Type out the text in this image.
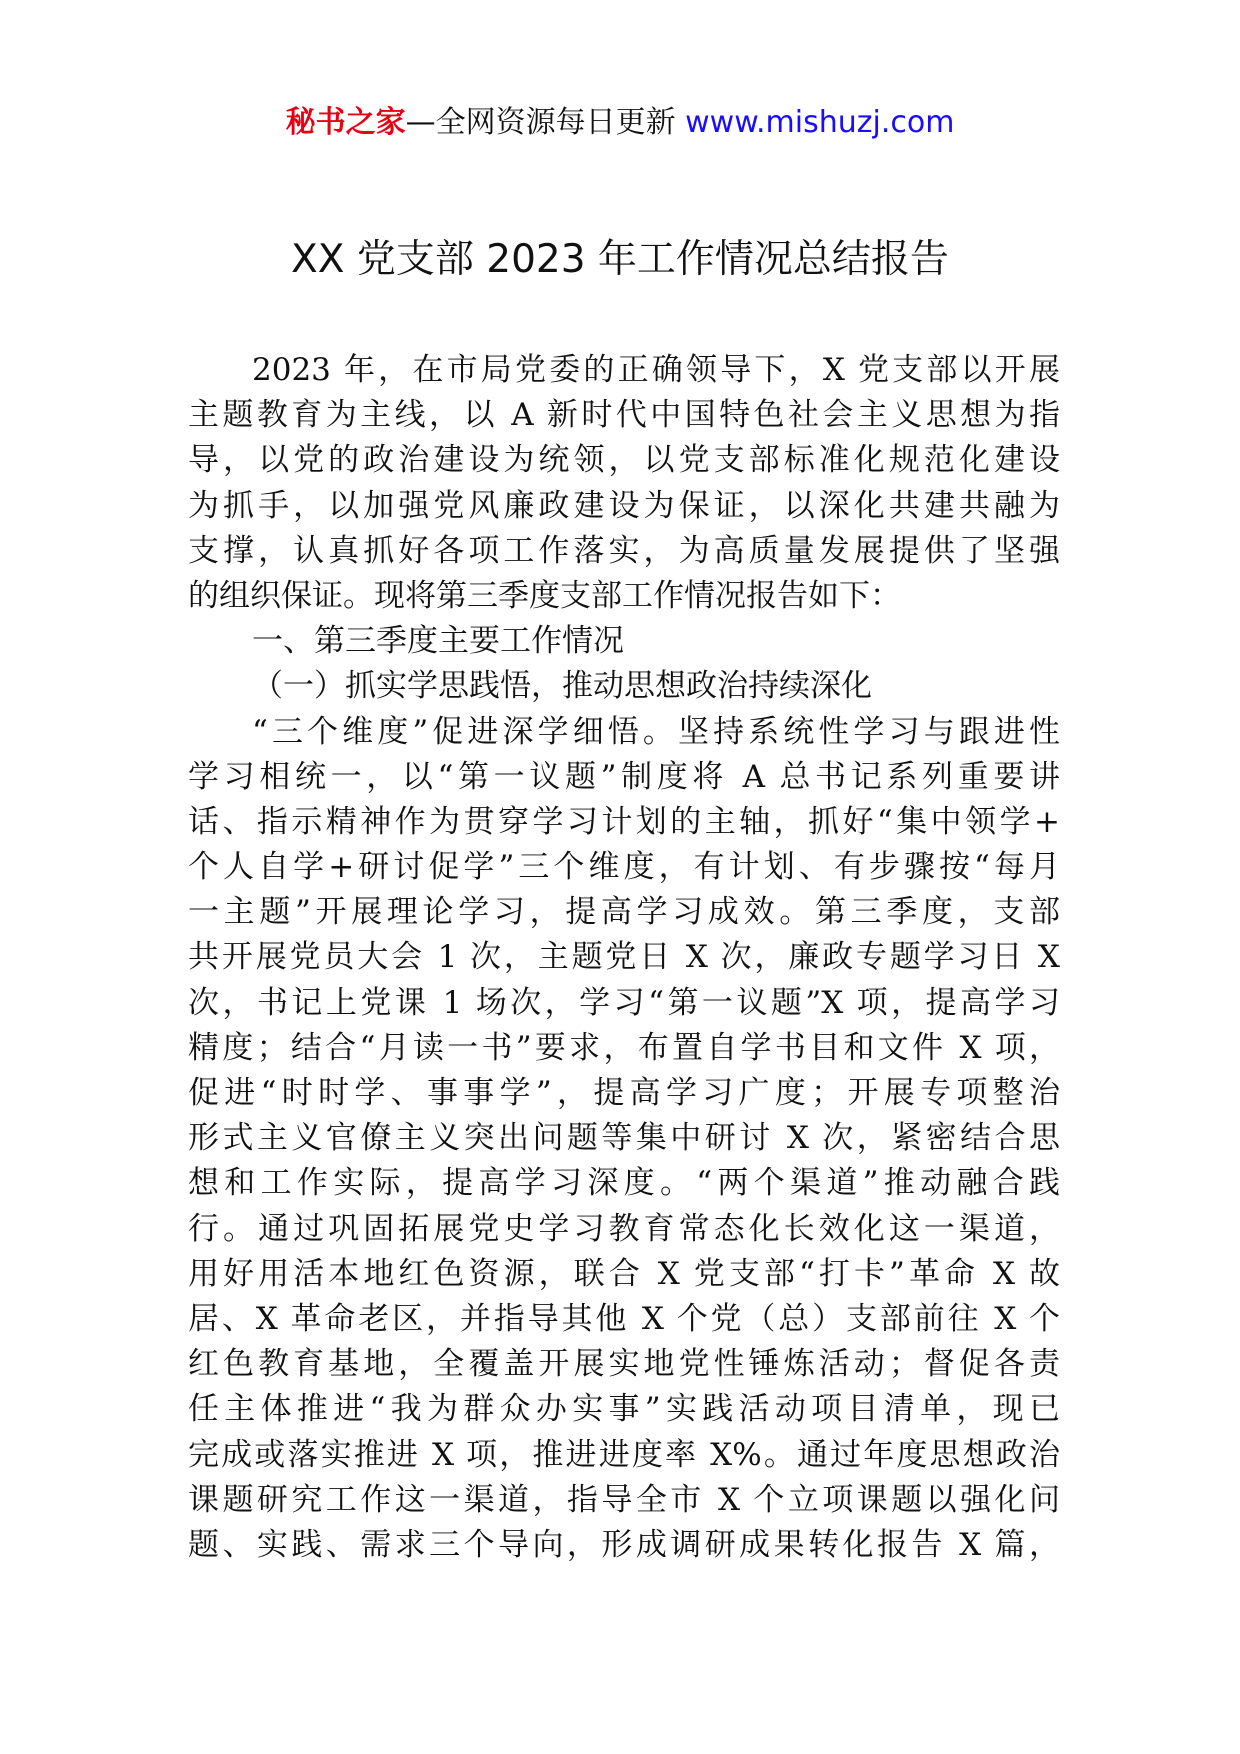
秘书之家—全网资源每日更新 www.mishuzj.com
XX 党支部 2023 年工作情况总结报告
2023 年，在市局党委的正确领导下，X 党支部以开展
主题教育为主线，以 A 新时代中国特色社会主义思想为指
导，以党的政治建设为统领，以党支部标准化规范化建设
为抓手，以加强党风廉政建设为保证，以深化共建共融为
支撑，认真抓好各项工作落实，为高质量发展提供了坚强
的组织保证。现将第三季度支部工作情况报告如下：
一、第三季度主要工作情况
（一）抓实学思践悟，推动思想政治持续深化
“三个维度”促进深学细悟。坚持系统性学习与跟进性
学习相统一，以“第一议题”制度将 A 总书记系列重要讲
话、指示精神作为贯穿学习计划的主轴，抓好“集中领学+
个人自学+研讨促学”三个维度，有计划、有步骤按“每月
一主题”开展理论学习，提高学习成效。第三季度，支部
共开展党员大会 1 次，主题党日 X 次，廉政专题学习日 X
次，书记上党课 1 场次，学习“第一议题”X 项，提高学习
精度；结合“月读一书”要求，布置自学书目和文件 X 项，
促进“时时学、事事学”，提高学习广度；开展专项整治
形式主义官僚主义突出问题等集中研讨 X 次，紧密结合思
想和工作实际，提高学习深度。“两个渠道”推动融合践
行。通过巩固拓展党史学习教育常态化长效化这一渠道，
用好用活本地红色资源，联合 X 党支部“打卡”革命 X 故
居、X 革命老区，并指导其他 X 个党（总）支部前往 X 个
红色教育基地，全覆盖开展实地党性锤炼活动；督促各责
任主体推进“我为群众办实事”实践活动项目清单，现已
完成或落实推进 X 项，推进进度率 X%。通过年度思想政治
课题研究工作这一渠道，指导全市 X 个立项课题以强化问
题、实践、需求三个导向，形成调研成果转化报告 X 篇，
